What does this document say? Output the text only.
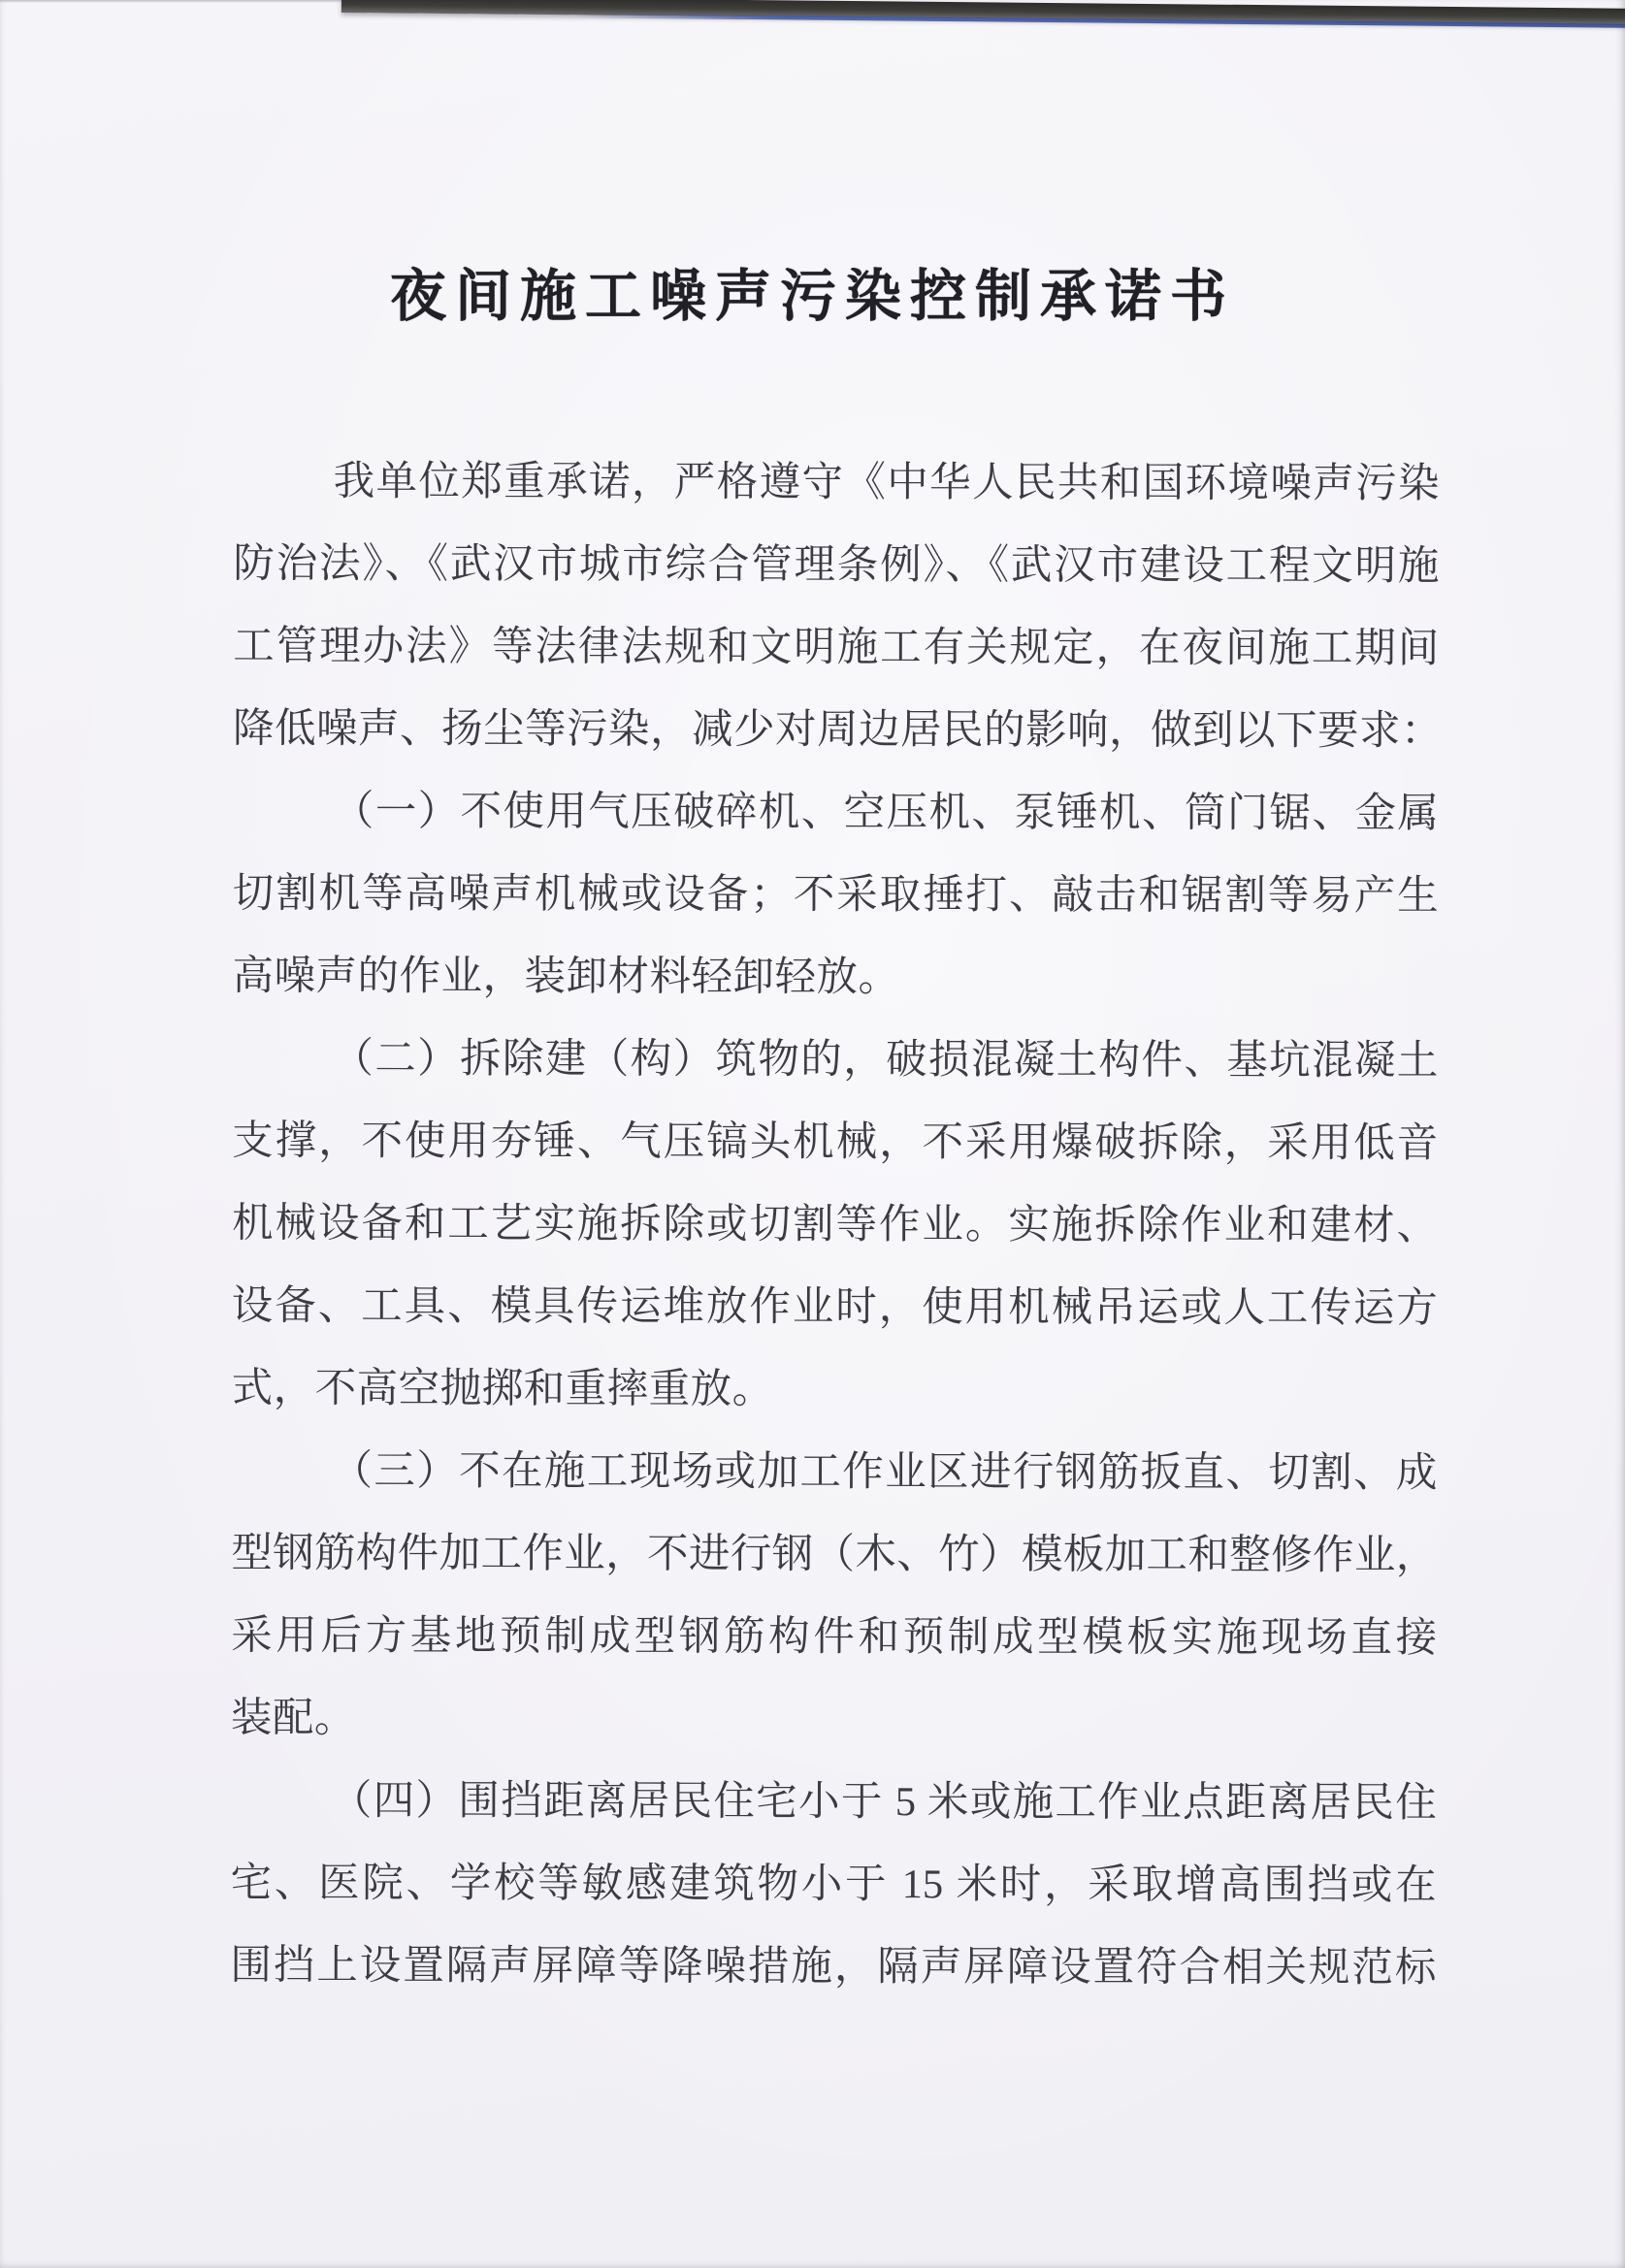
夜间施工噪声污染控制承诺书
我单位郑重承诺，严格遵守《中华人民共和国环境噪声污染
防治法》、《武汉市城市综合管理条例》、《武汉市建设工程文明施
工管理办法》等法律法规和文明施工有关规定，在夜间施工期间
降低噪声、扬尘等污染，减少对周边居民的影响，做到以下要求：
（一）不使用气压破碎机、空压机、泵锤机、筒门锯、金属
切割机等高噪声机械或设备；不采取捶打、敲击和锯割等易产生
高噪声的作业，装卸材料轻卸轻放。
（二）拆除建（构）筑物的，破损混凝土构件、基坑混凝土
支撑，不使用夯锤、气压镐头机械，不采用爆破拆除，采用低音
机械设备和工艺实施拆除或切割等作业。实施拆除作业和建材、
设备、工具、模具传运堆放作业时，使用机械吊运或人工传运方
式，不高空抛掷和重摔重放。
（三）不在施工现场或加工作业区进行钢筋扳直、切割、成
型钢筋构件加工作业，不进行钢（木、竹）模板加工和整修作业，
采用后方基地预制成型钢筋构件和预制成型模板实施现场直接
装配。
（四）围挡距离居民住宅小于 5 米或施工作业点距离居民住
宅、医院、学校等敏感建筑物小于 15 米时，采取增高围挡或在
围挡上设置隔声屏障等降噪措施，隔声屏障设置符合相关规范标
